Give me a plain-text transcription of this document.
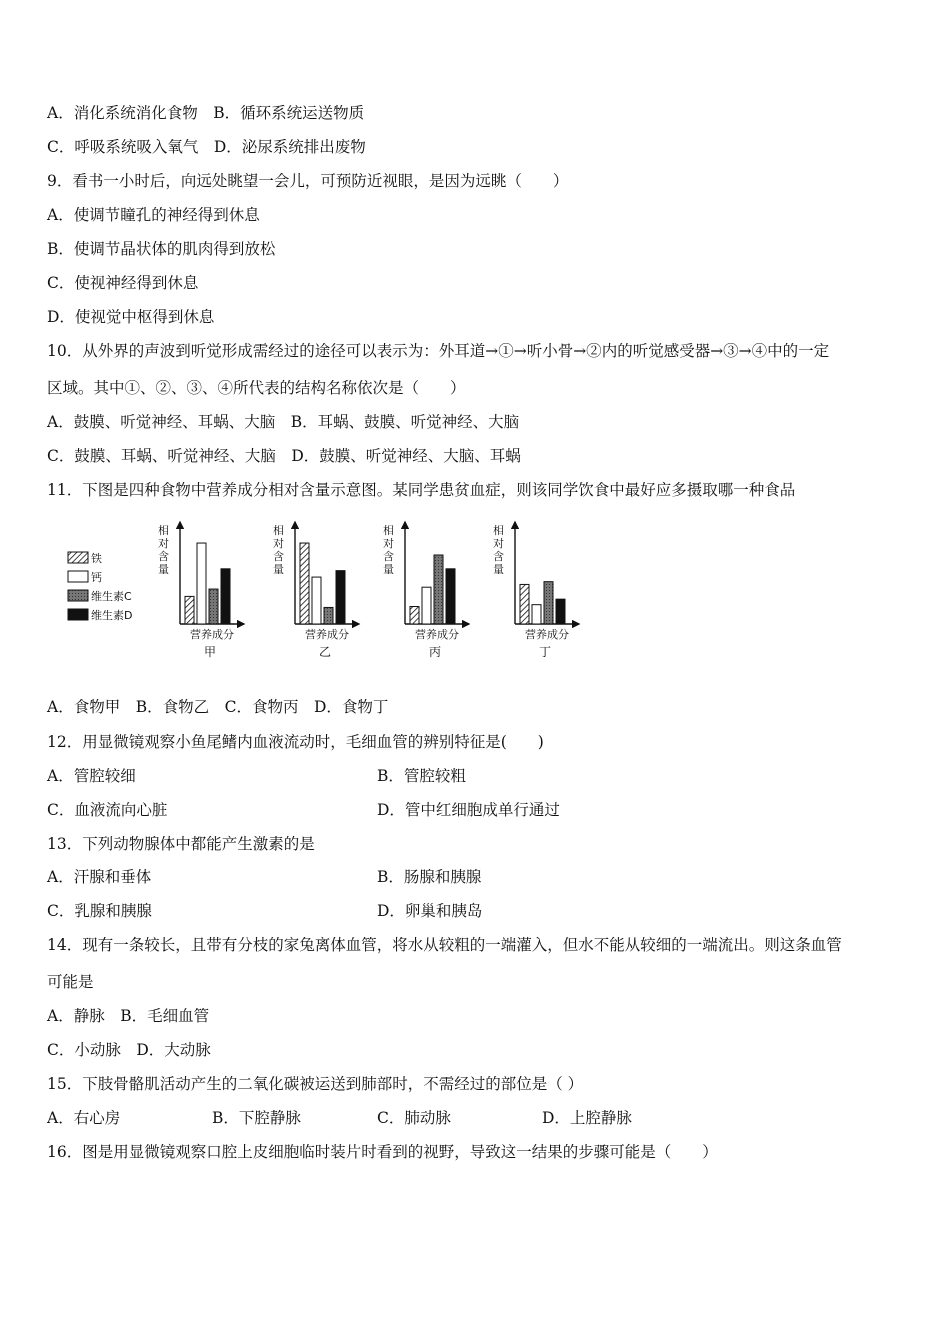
A．消化系统消化食物　B．循环系统运送物质
C．呼吸系统吸入氧气　D．泌尿系统排出废物
9．看书一小时后，向远处眺望一会儿，可预防近视眼，是因为远眺（　　）
A．使调节瞳孔的神经得到休息
B．使调节晶状体的肌肉得到放松
C．使视神经得到休息
D．使视觉中枢得到休息
10．从外界的声波到听觉形成需经过的途径可以表示为：外耳道→①→听小骨→②内的听觉感受器→③→④中的一定
区域。其中①、②、③、④所代表的结构名称依次是（　　）
A．鼓膜、听觉神经、耳蜗、大脑　B．耳蜗、鼓膜、听觉神经、大脑
C．鼓膜、耳蜗、听觉神经、大脑　D．鼓膜、听觉神经、大脑、耳蜗
11．下图是四种食物中营养成分相对含量示意图。某同学患贫血症，则该同学饮食中最好应多摄取哪一种食品
铁
钙
维生素C
维生素D
相对含量
营养成分
甲
相对含量
营养成分
乙
相对含量
营养成分
丙
相对含量
营养成分
丁
A．食物甲　B．食物乙　C．食物丙　D．食物丁
12．用显微镜观察小鱼尾鳍内血液流动时，毛细血管的辨别特征是(　　)
A．管腔较细	B．管腔较粗
C．血液流向心脏	D．管中红细胞成单行通过
13．下列动物腺体中都能产生激素的是
A．汗腺和垂体	B．肠腺和胰腺
C．乳腺和胰腺	D．卵巢和胰岛
14．现有一条较长，且带有分枝的家兔离体血管，将水从较粗的一端灌入，但水不能从较细的一端流出。则这条血管
可能是
A．静脉　B．毛细血管
C．小动脉　D．大动脉
15．下肢骨骼肌活动产生的二氧化碳被运送到肺部时，不需经过的部位是（ ）
A．右心房	B．下腔静脉	C．肺动脉	D．上腔静脉
16．图是用显微镜观察口腔上皮细胞临时装片时看到的视野，导致这一结果的步骤可能是（　　）
